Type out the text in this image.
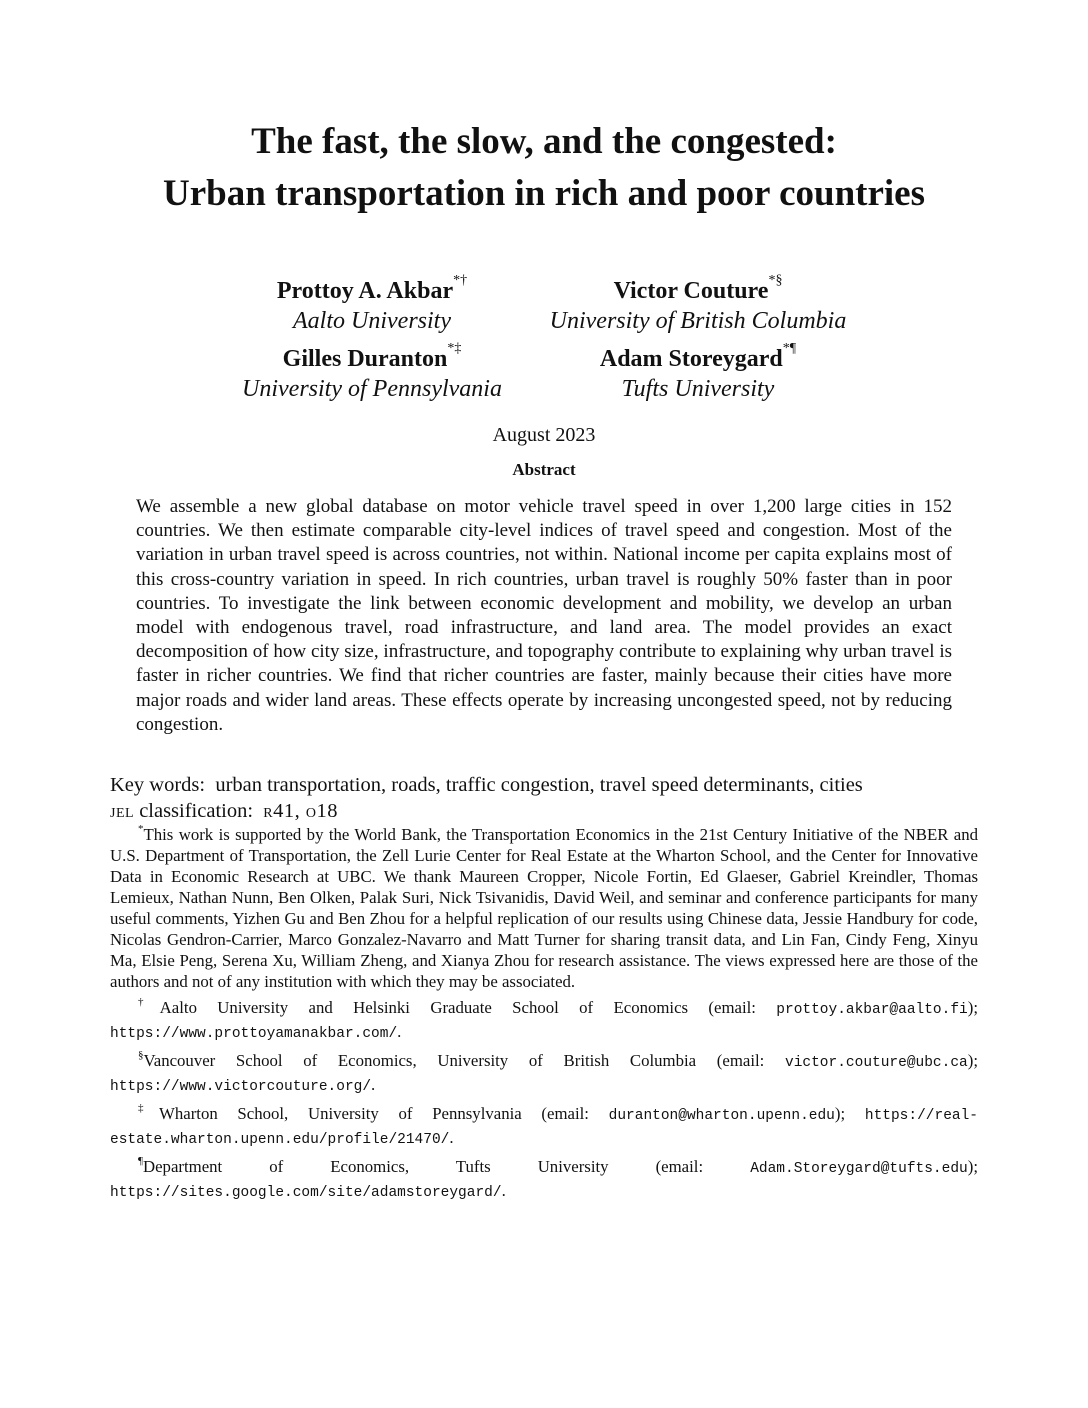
The fast, the slow, and the congested:
Urban transportation in rich and poor countries
Prottoy A. Akbar*†
Aalto University
Victor Couture*§
University of British Columbia
Gilles Duranton*‡
University of Pennsylvania
Adam Storeygard*¶
Tufts University
August 2023
Abstract

We assemble a new global database on motor vehicle travel speed in over 1,200 large cities in 152 countries. We then estimate comparable city-level indices of travel speed and congestion. Most of the variation in urban travel speed is across countries, not within. National income per capita explains most of this cross-country variation in speed. In rich countries, urban travel is roughly 50% faster than in poor countries. To investigate the link between economic development and mobility, we develop an urban model with endogenous travel, road infrastructure, and land area. The model provides an exact decomposition of how city size, infrastructure, and topography contribute to explaining why urban travel is faster in richer countries. We find that richer countries are faster, mainly because their cities have more major roads and wider land areas. These effects operate by increasing uncongested speed, not by reducing congestion.

Key words: urban transportation, roads, traffic congestion, travel speed determinants, cities

jel classification: r41, o18

*This work is supported by the World Bank, the Transportation Economics in the 21st Century Initiative of the NBER and U.S. Department of Transportation, the Zell Lurie Center for Real Estate at the Wharton School, and the Center for Innovative Data in Economic Research at UBC. We thank Maureen Cropper, Nicole Fortin, Ed Glaeser, Gabriel Kreindler, Thomas Lemieux, Nathan Nunn, Ben Olken, Palak Suri, Nick Tsivanidis, David Weil, and seminar and conference participants for many useful comments, Yizhen Gu and Ben Zhou for a helpful replication of our results using Chinese data, Jessie Handbury for code, Nicolas Gendron-Carrier, Marco Gonzalez-Navarro and Matt Turner for sharing transit data, and Lin Fan, Cindy Feng, Xinyu Ma, Elsie Peng, Serena Xu, William Zheng, and Xianya Zhou for research assistance. The views expressed here are those of the authors and not of any institution with which they may be associated.

†Aalto University and Helsinki Graduate School of Economics (email: prottoy.akbar@aalto.fi); https://www.prottoyamanakbar.com/.

§Vancouver School of Economics, University of British Columbia (email: victor.couture@ubc.ca); https://www.victorcouture.org/.

‡Wharton School, University of Pennsylvania (email: duranton@wharton.upenn.edu); https://real-estate.wharton.upenn.edu/profile/21470/.

¶Department of Economics, Tufts University (email: Adam.Storeygard@tufts.edu); https://sites.google.com/site/adamstoreygard/.
